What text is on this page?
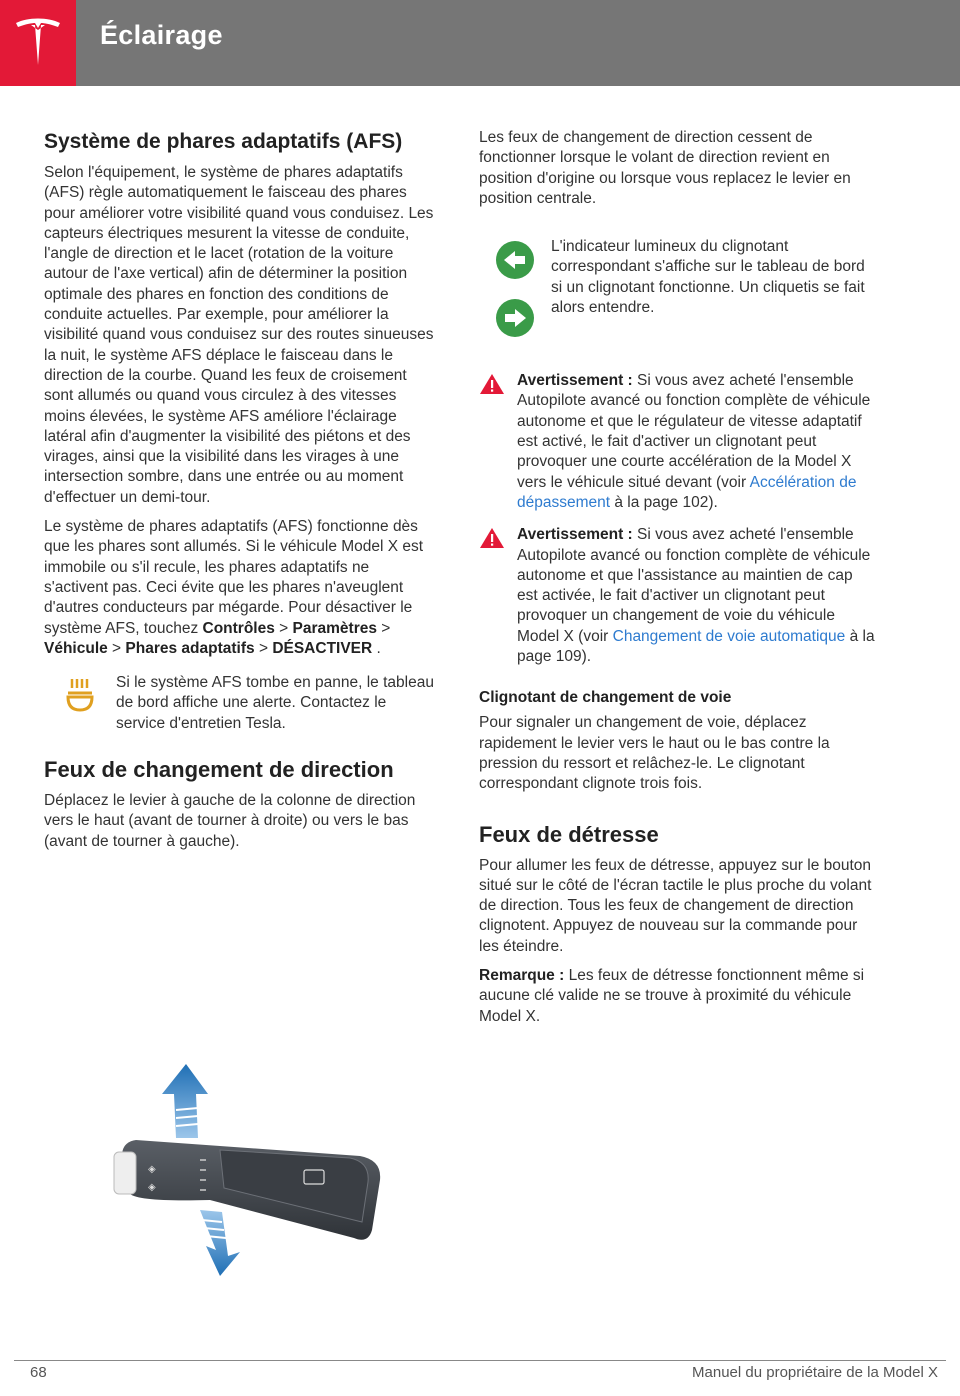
Éclairage
Système de phares adaptatifs (AFS)

Selon l'équipement, le système de phares adaptatifs (AFS) règle automatiquement le faisceau des phares pour améliorer votre visibilité quand vous conduisez. Les capteurs électriques mesurent la vitesse de conduite, l'angle de direction et le lacet (rotation de la voiture autour de l'axe vertical) afin de déterminer la position optimale des phares en fonction des conditions de conduite actuelles. Par exemple, pour améliorer la visibilité quand vous conduisez sur des routes sinueuses la nuit, le système AFS déplace le faisceau dans le direction de la courbe. Quand les feux de croisement sont allumés ou quand vous circulez à des vitesses moins élevées, le système AFS améliore l'éclairage latéral afin d'augmenter la visibilité des piétons et des virages, ainsi que la visibilité dans les virages à une intersection sombre, dans une entrée ou au moment d'effectuer un demi-tour.

Le système de phares adaptatifs (AFS) fonctionne dès que les phares sont allumés. Si le véhicule Model X est immobile ou s'il recule, les phares adaptatifs ne s'activent pas. Ceci évite que les phares n'aveuglent d'autres conducteurs par mégarde. Pour désactiver le système AFS, touchez Contrôles > Paramètres > Véhicule > Phares adaptatifs > DÉSACTIVER .

Si le système AFS tombe en panne, le tableau de bord affiche une alerte. Contactez le service d'entretien Tesla.
Feux de changement de direction

Déplacez le levier à gauche de la colonne de direction vers le haut (avant de tourner à droite) ou vers le bas (avant de tourner à gauche).

◈
◈

Les feux de changement de direction cessent de fonctionner lorsque le volant de direction revient en position d'origine ou lorsque vous replacez le levier en position centrale.

L'indicateur lumineux du clignotant correspondant s'affiche sur le tableau de bord si un clignotant fonctionne. Un cliquetis se fait alors entendre.
Avertissement : Si vous avez acheté l'ensemble Autopilote avancé ou fonction complète de véhicule autonome et que le régulateur de vitesse adaptatif est activé, le fait d'activer un clignotant peut provoquer une courte accélération de la Model X vers le véhicule situé devant (voir Accélération de dépassement à la page 102).
Avertissement : Si vous avez acheté l'ensemble Autopilote avancé ou fonction complète de véhicule autonome et que l'assistance au maintien de cap est activée, le fait d'activer un clignotant peut provoquer un changement de voie du véhicule Model X (voir Changement de voie automatique à la page 109).
Clignotant de changement de voie

Pour signaler un changement de voie, déplacez rapidement le levier vers le haut ou le bas contre la pression du ressort et relâchez-le. Le clignotant correspondant clignote trois fois.

Feux de détresse

Pour allumer les feux de détresse, appuyez sur le bouton situé sur le côté de l'écran tactile le plus proche du volant de direction. Tous les feux de changement de direction clignotent. Appuyez de nouveau sur la commande pour les éteindre.

Remarque : Les feux de détresse fonctionnent même si aucune clé valide ne se trouve à proximité du véhicule Model X.

68	Manuel du propriétaire de la Model X
